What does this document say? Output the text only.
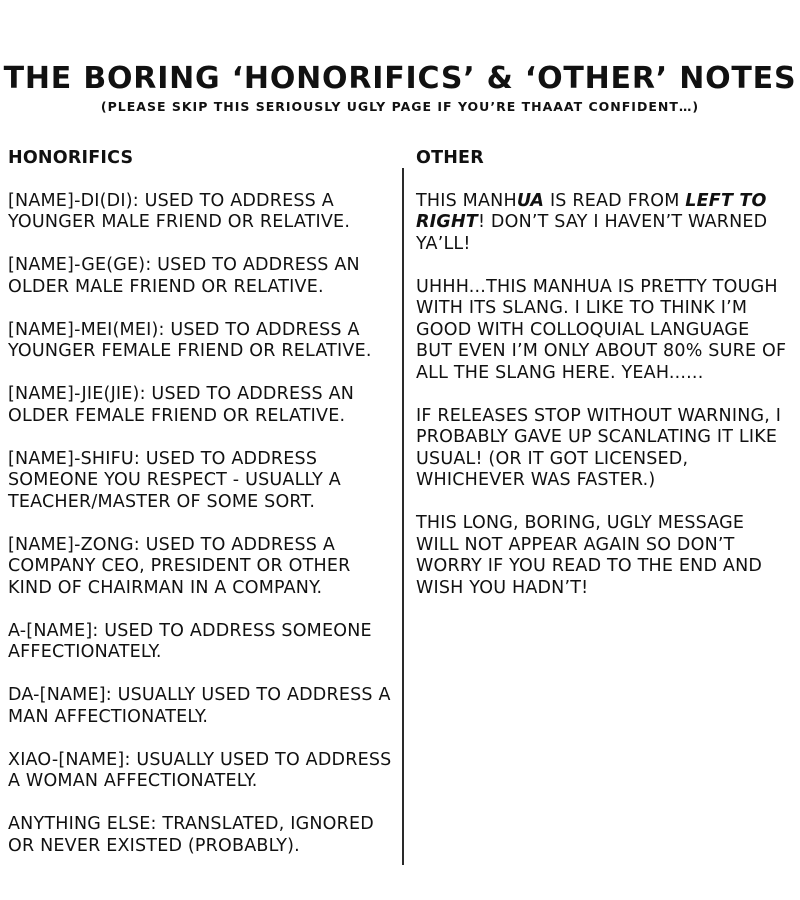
THE BORING ‘HONORIFICS’ & ‘OTHER’ NOTES
(PLEASE SKIP THIS SERIOUSLY UGLY PAGE IF YOU’RE THAAAT CONFIDENT…)
HONORIFICS
[NAME]-DI(DI): USED TO ADDRESS A YOUNGER MALE FRIEND OR RELATIVE.
[NAME]-GE(GE): USED TO ADDRESS AN OLDER MALE FRIEND OR RELATIVE.
[NAME]-MEI(MEI): USED TO ADDRESS A YOUNGER FEMALE FRIEND OR RELATIVE.
[NAME]-JIE(JIE): USED TO ADDRESS AN OLDER FEMALE FRIEND OR RELATIVE.
[NAME]-SHIFU: USED TO ADDRESS SOMEONE YOU RESPECT - USUALLY A TEACHER/MASTER OF SOME SORT.
[NAME]-ZONG: USED TO ADDRESS A COMPANY CEO, PRESIDENT OR OTHER KIND OF CHAIRMAN IN A COMPANY.
A-[NAME]: USED TO ADDRESS SOMEONE AFFECTIONATELY.
DA-[NAME]: USUALLY USED TO ADDRESS A MAN AFFECTIONATELY.
XIAO-[NAME]: USUALLY USED TO ADDRESS A WOMAN AFFECTIONATELY.
ANYTHING ELSE: TRANSLATED, IGNORED OR NEVER EXISTED (PROBABLY).
OTHER
THIS MANHUA IS READ FROM LEFT TO RIGHT! DON’T SAY I HAVEN’T WARNED YA’LL!
UHHH...THIS MANHUA IS PRETTY TOUGH WITH ITS SLANG. I LIKE TO THINK I’M GOOD WITH COLLOQUIAL LANGUAGE BUT EVEN I’M ONLY ABOUT 80% SURE OF ALL THE SLANG HERE. YEAH......
IF RELEASES STOP WITHOUT WARNING, I PROBABLY GAVE UP SCANLATING IT LIKE USUAL! (OR IT GOT LICENSED, WHICHEVER WAS FASTER.)
THIS LONG, BORING, UGLY MESSAGE WILL NOT APPEAR AGAIN SO DON’T WORRY IF YOU READ TO THE END AND WISH YOU HADN’T!
